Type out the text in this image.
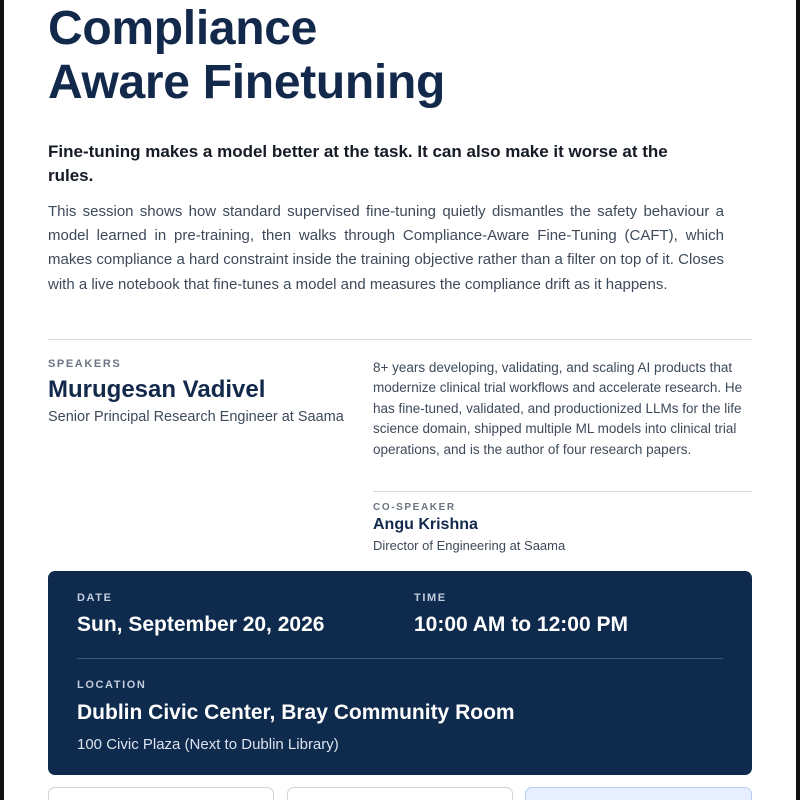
Compliance
Aware Finetuning

Fine-tuning makes a model better at the task. It can also make it worse at the rules.

This session shows how standard supervised fine-tuning quietly dismantles the safety behaviour a model learned in pre-training, then walks through Compliance-Aware Fine-Tuning (CAFT), which makes compliance a hard constraint inside the training objective rather than a filter on top of it. Closes with a live notebook that fine-tunes a model and measures the compliance drift as it happens.

SPEAKERS
Murugesan Vadivel
Senior Principal Research Engineer at Saama

8+ years developing, validating, and scaling AI products that modernize clinical trial workflows and accelerate research. He has fine-tuned, validated, and productionized LLMs for the life science domain, shipped multiple ML models into clinical trial operations, and is the author of four research papers.

CO-SPEAKER
Angu Krishna
Director of Engineering at Saama
DATE
Sun, September 20, 2026
TIME
10:00 AM to 12:00 PM
LOCATION
Dublin Civic Center, Bray Community Room
100 Civic Plaza (Next to Dublin Library)
